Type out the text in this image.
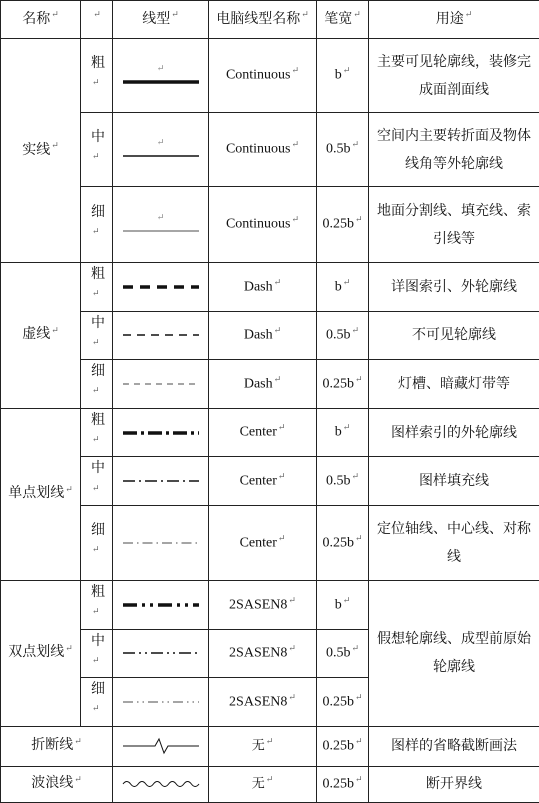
名称↵	↵	线型↵	电脑线型名称↵	笔宽↵	用途↵
实线↵	粗↵	↵	Continuous↵	b↵	主要可见轮廓线，装修完成面剖面线
	中↵	↵	Continuous↵	0.5b↵	空间内主要转折面及物体线角等外轮廓线
	细↵	↵	Continuous↵	0.25b↵	地面分割线、填充线、索引线等
虚线↵	粗↵		Dash↵	b↵	详图索引、外轮廓线
	中↵		Dash↵	0.5b↵	不可见轮廓线
	细↵		Dash↵	0.25b↵	灯槽、暗藏灯带等
单点划线↵	粗↵		Center↵	b↵	图样索引的外轮廓线
	中↵		Center↵	0.5b↵	图样填充线
	细↵		Center↵	0.25b↵	定位轴线、中心线、对称线
双点划线↵	粗↵		2SASEN8↵	b↵	假想轮廓线、成型前原始轮廓线
	中↵		2SASEN8↵	0.5b↵
	细↵		2SASEN8↵	0.25b↵
折断线↵			无↵	0.25b↵	图样的省略截断画法
波浪线↵			无↵	0.25b↵	断开界线
